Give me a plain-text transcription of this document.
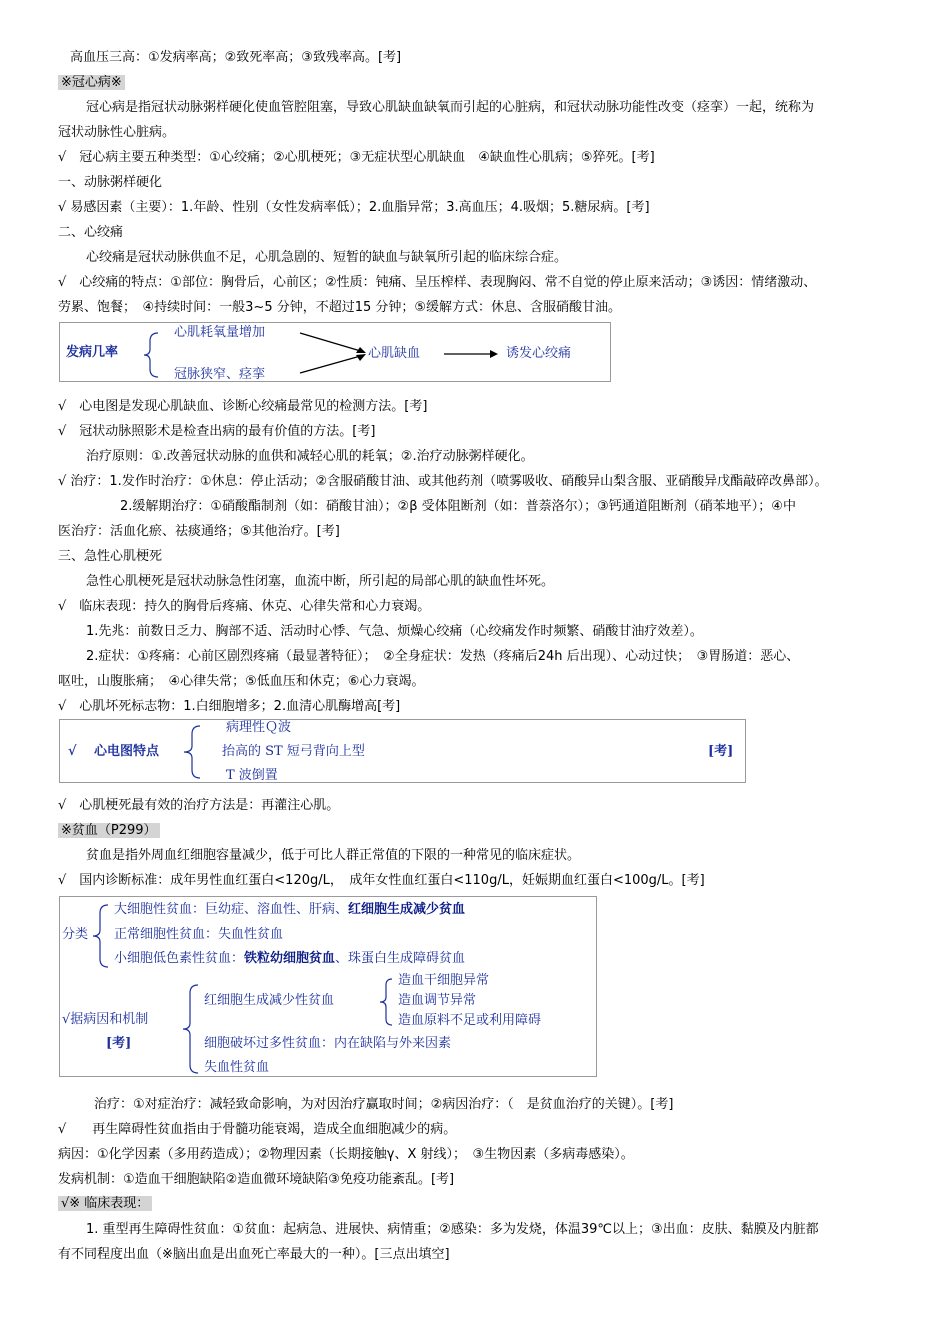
高血压三高：①发病率高；②致死率高；③致残率高。[考]
※冠心病※
冠心病是指冠状动脉粥样硬化使血管腔阻塞，导致心肌缺血缺氧而引起的心脏病，和冠状动脉功能性改变（痉挛）一起，统称为
冠状动脉性心脏病。
√　冠心病主要五种类型：①心绞痛；②心肌梗死；③无症状型心肌缺血　④缺血性心肌病；⑤猝死。[考]
一、动脉粥样硬化
√ 易感因素（主要）：1.年龄、性别（女性发病率低）；2.血脂异常；3.高血压；4.吸烟；5.糖尿病。[考]
二、心绞痛
心绞痛是冠状动脉供血不足，心肌急剧的、短暂的缺血与缺氧所引起的临床综合症。
√　心绞痛的特点：①部位：胸骨后，心前区；②性质：钝痛、呈压榨样、表现胸闷、常不自觉的停止原来活动；③诱因：情绪激动、
劳累、饱餐；　④持续时间：一般3~5 分钟，不超过15 分钟；⑤缓解方式：休息、含服硝酸甘油。
发病几率
心肌耗氧量增加
冠脉狭窄、痉挛
心肌缺血	诱发心绞痛
√　心电图是发现心肌缺血、诊断心绞痛最常见的检测方法。[考]
√　冠状动脉照影术是检查出病的最有价值的方法。[考]
治疗原则：①.改善冠状动脉的血供和减轻心肌的耗氧；②.治疗动脉粥样硬化。
√ 治疗：1.发作时治疗：①休息：停止活动；②含服硝酸甘油、或其他药剂（喷雾吸收、硝酸异山梨含服、亚硝酸异戊酯敲碎改鼻部）。
2.缓解期治疗：①硝酸酯制剂（如：硝酸甘油）；②β 受体阻断剂（如：普萘洛尔）；③钙通道阻断剂（硝苯地平）；④中
医治疗：活血化瘀、祛痰通络；⑤其他治疗。[考]
三、急性心肌梗死
急性心肌梗死是冠状动脉急性闭塞，血流中断，所引起的局部心肌的缺血性坏死。
√　临床表现：持久的胸骨后疼痛、休克、心律失常和心力衰竭。
1.先兆：前数日乏力、胸部不适、活动时心悸、气急、烦燥心绞痛（心绞痛发作时频繁、硝酸甘油疗效差）。
2.症状：①疼痛：心前区剧烈疼痛（最显著特征）；　②全身症状：发热（疼痛后24h 后出现）、心动过快；　③胃肠道：恶心、
呕吐，山腹胀痛；　④心律失常；⑤低血压和休克；⑥心力衰竭。
√　心肌坏死标志物：1.白细胞增多；2.血清心肌酶增高[考]
√ 心电图特点
病理性Ｑ波
抬高的 ST 短弓背向上型
T 波倒置
[考]
√　心肌梗死最有效的治疗方法是：再灌注心肌。
※贫血（P299）
贫血是指外周血红细胞容量减少，低于可比人群正常值的下限的一种常见的临床症状。
√　国内诊断标准：成年男性血红蛋白<120g/L，　成年女性血红蛋白<110g/L，妊娠期血红蛋白<100g/L。[考]
分类
大细胞性贫血：巨幼症、溶血性、肝病、红细胞生成减少贫血
正常细胞性贫血：失血性贫血
小细胞低色素性贫血：铁粒幼细胞贫血、珠蛋白生成障碍贫血
√据病因和机制
[考]
红细胞生成减少性贫血
造血干细胞异常
造血调节异常
造血原料不足或利用障碍
细胞破坏过多性贫血：内在缺陷与外来因素
失血性贫血
治疗：①对症治疗：减轻致命影响，为对因治疗赢取时间；②病因治疗：（　是贫血治疗的关键）。[考]
√　　再生障碍性贫血指由于骨髓功能衰竭，造成全血细胞减少的病。
病因：①化学因素（多用药造成）；②物理因素（长期接触γ、X 射线）；　③生物因素（多病毒感染）。
发病机制：①造血干细胞缺陷②造血微环境缺陷③免疫功能紊乱。[考]
√※ 临床表现：
1. 重型再生障碍性贫血：①贫血：起病急、进展快、病情重；②感染：多为发烧，体温39℃以上；③出血：皮肤、黏膜及内脏都
有不同程度出血（※脑出血是出血死亡率最大的一种）。[三点出填空]
